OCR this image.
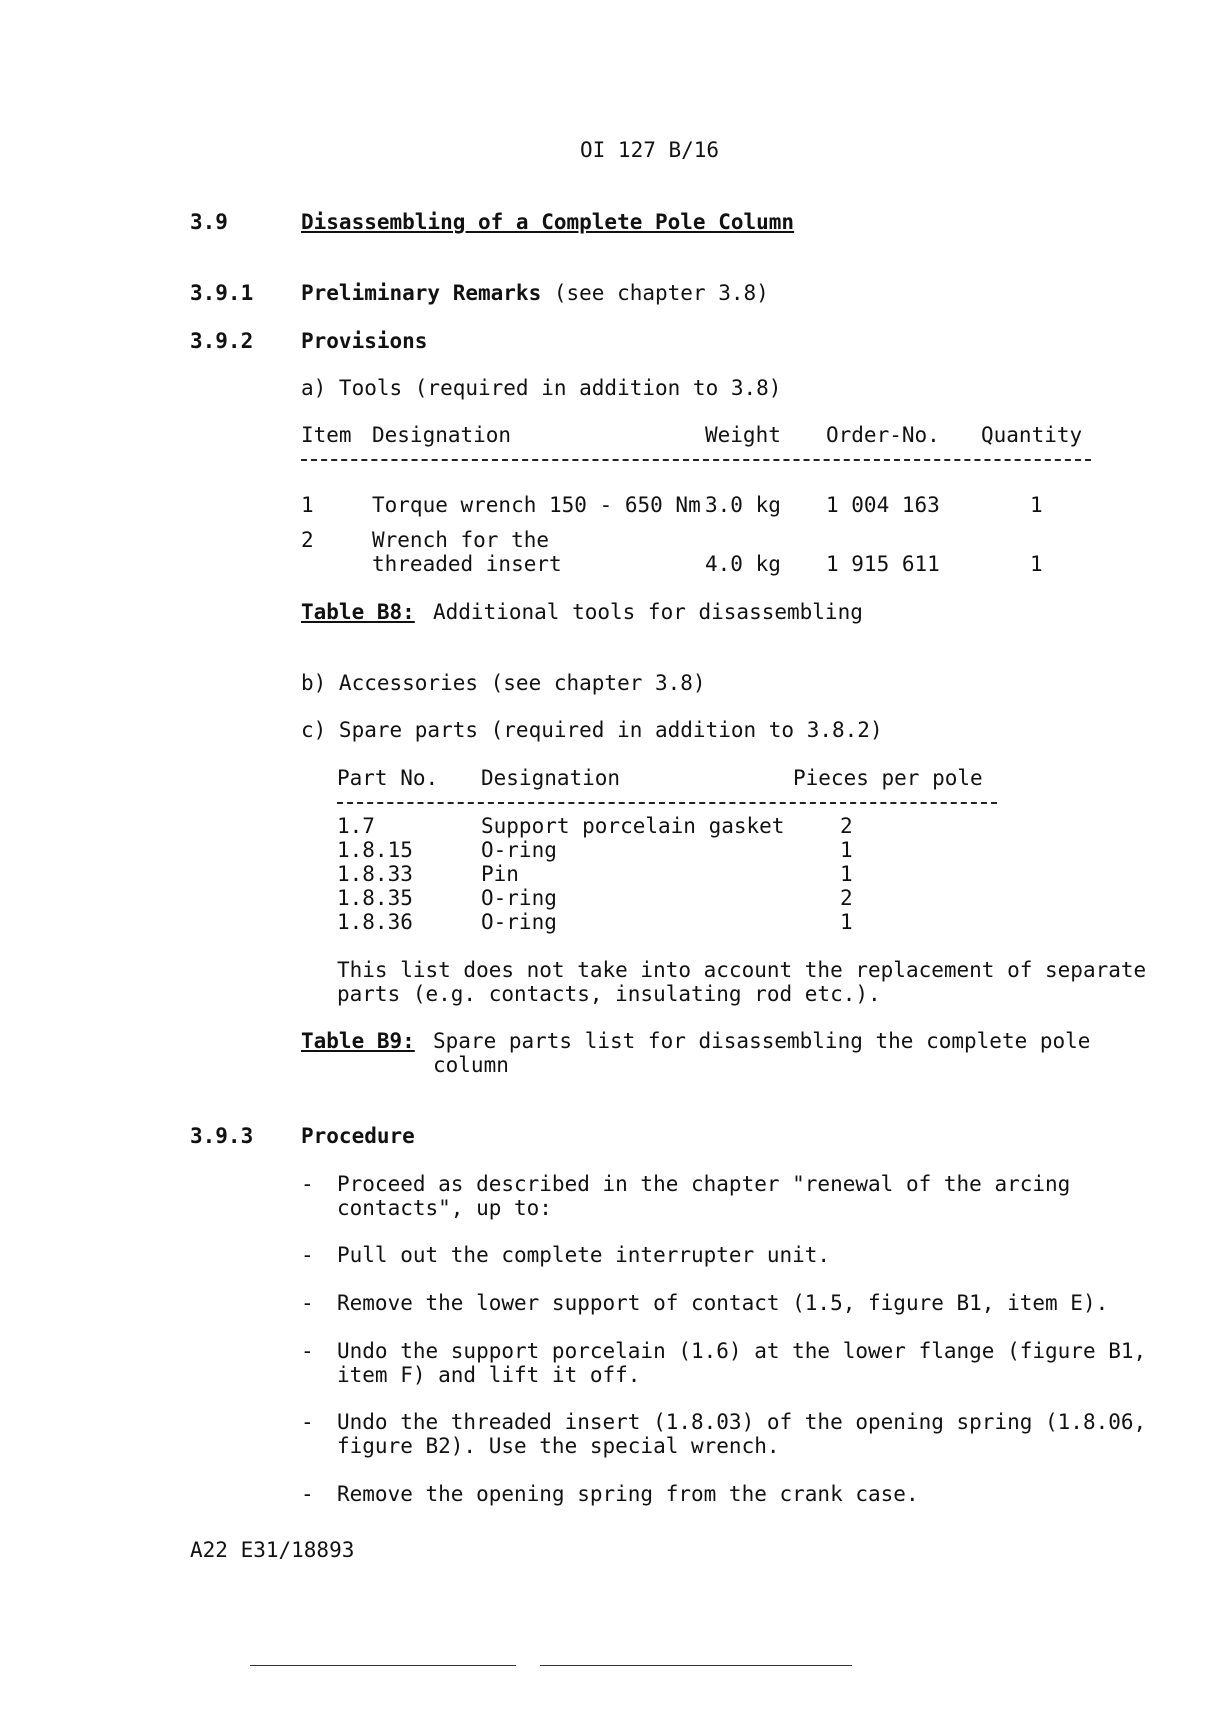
OI 127 B/16
3.9	Disassembling of a Complete Pole Column
3.9.1 Preliminary Remarks (see chapter 3.8)
3.9.2 Provisions
a) Tools (required in addition to 3.8)
Item Designation	Weight Order-No. Quantity
1	Torque wrench 150 - 650 Nm 3.0 kg 1 004 163	1
2	Wrench for the
threaded insert	4.0 kg 1 915 611	1
Table B8: Additional tools for disassembling
b) Accessories (see chapter 3.8)
c) Spare parts (required in addition to 3.8.2)
Part No. Designation	Pieces per pole
1.7	Support porcelain gasket	2
1.8.15	O-ring	1
1.8.33	Pin	1
1.8.35	O-ring	2
1.8.36	O-ring	1
This list does not take into account the replacement of separate
parts (e.g. contacts, insulating rod etc.).
Table B9: Spare parts list for disassembling the complete pole
column
3.9.3 Procedure
- Proceed as described in the chapter "renewal of the arcing
contacts", up to:
- Pull out the complete interrupter unit.
- Remove the lower support of contact (1.5, figure B1, item E).
- Undo the support porcelain (1.6) at the lower flange (figure B1,
item F) and lift it off.
- Undo the threaded insert (1.8.03) of the opening spring (1.8.06,
figure B2). Use the special wrench.
- Remove the opening spring from the crank case.
A22 E31/18893
